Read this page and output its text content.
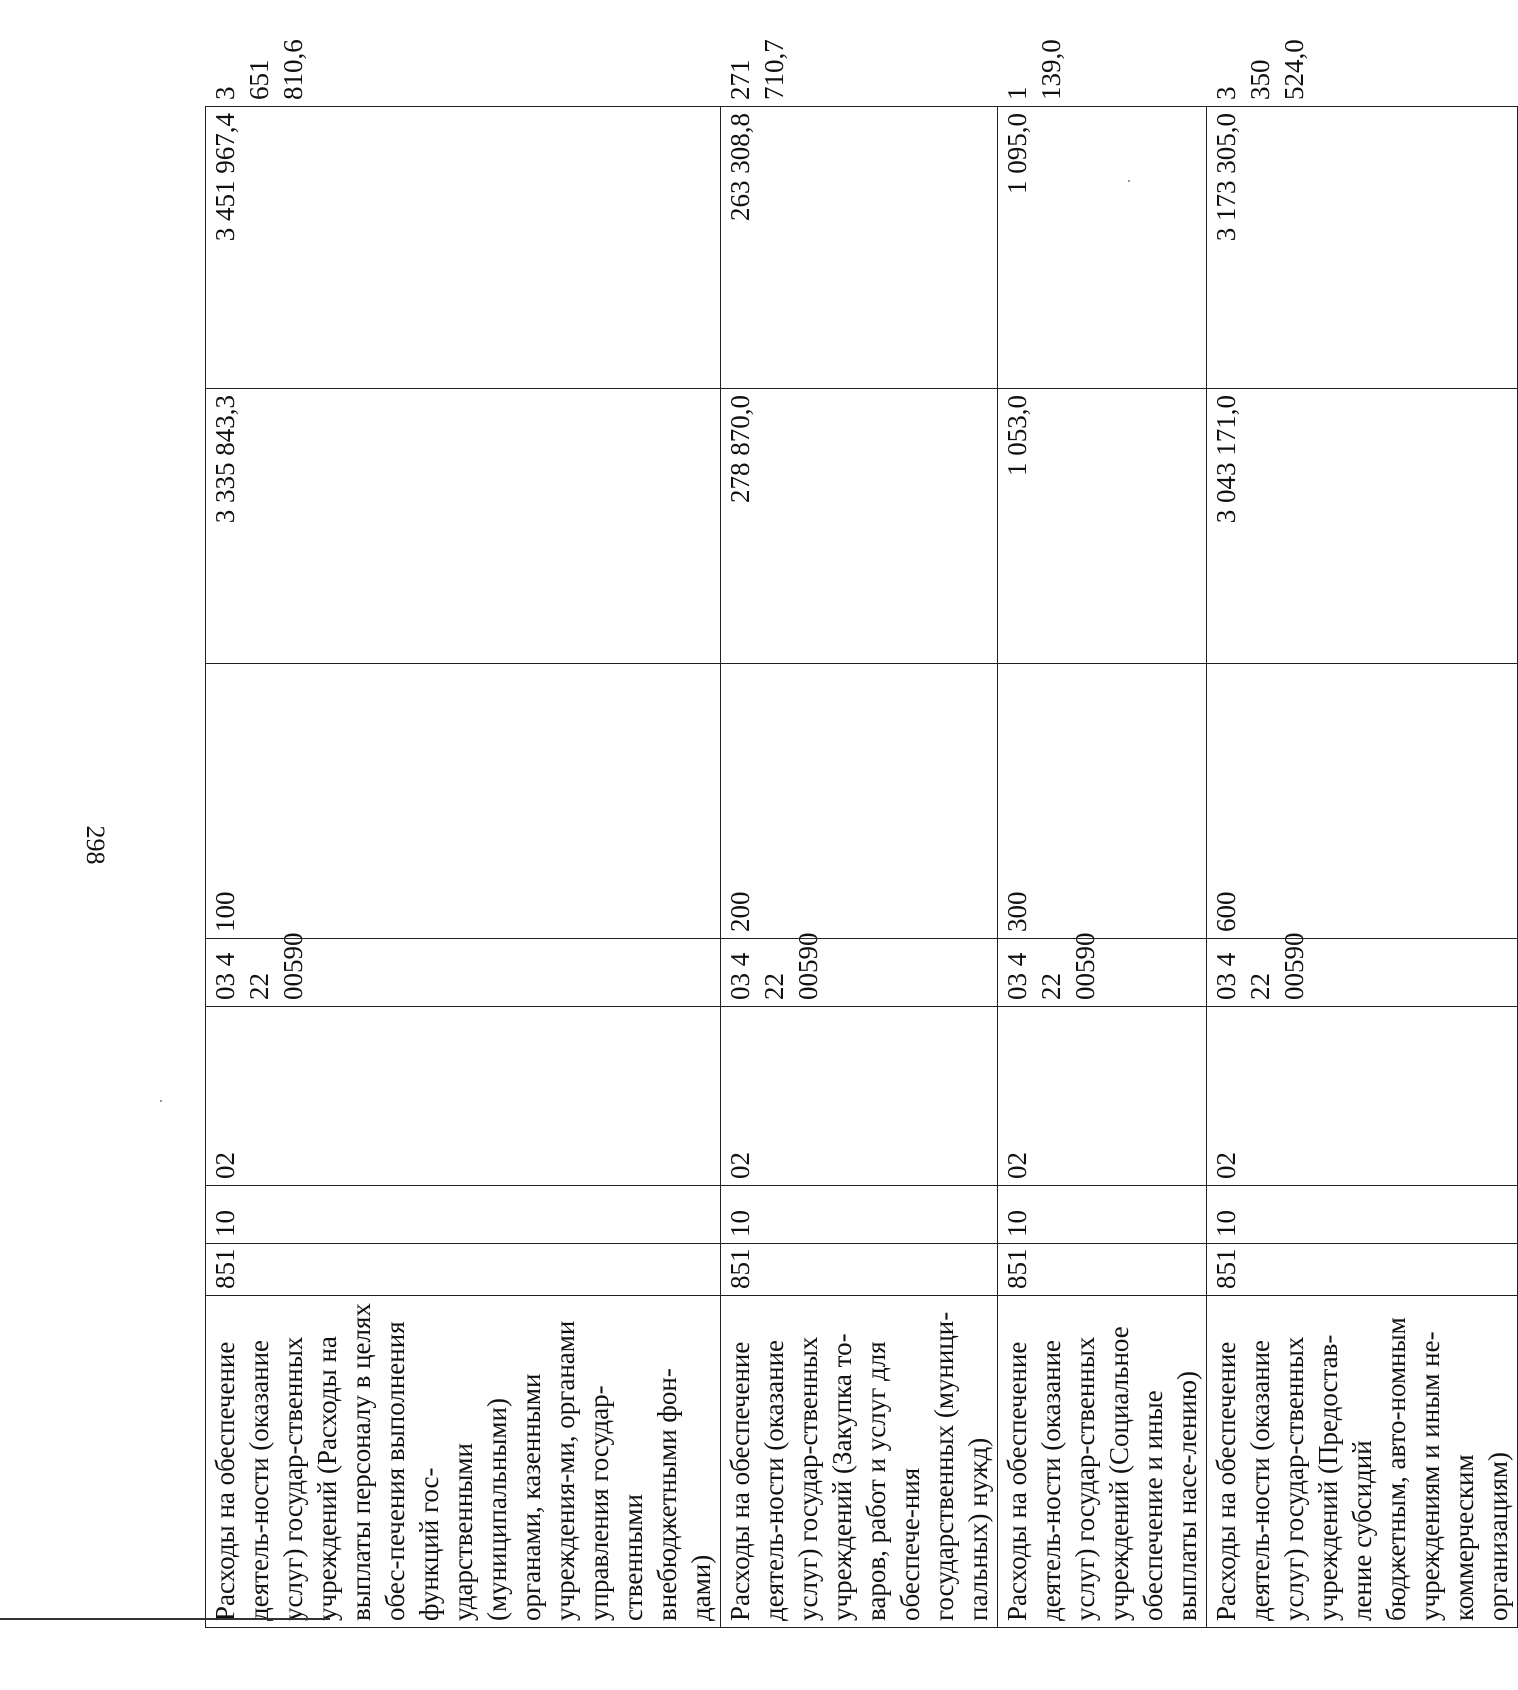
298
Расходы на обеспечение деятель-ности (оказание услуг) государ-ственных учреждений (Расходы на выплаты персоналу в целях обес-печения выполнения функций гос-ударственными (муниципальными) органами, казенными учреждения-ми, органами управления государ-ственными внебюджетными фон-дами)	851	10	02	03 4 22 00590	100	3 335 843,3	3 451 967,4	3 651 810,6
Расходы на обеспечение деятель-ности (оказание услуг) государ-ственных учреждений (Закупка то-варов, работ и услуг для обеспече-ния государственных (муници-пальных) нужд)	851	10	02	03 4 22 00590	200	278 870,0	263 308,8	271 710,7
Расходы на обеспечение деятель-ности (оказание услуг) государ-ственных учреждений (Социальное обеспечение и иные выплаты насе-лению)	851	10	02	03 4 22 00590	300	1 053,0	1 095,0	1 139,0
Расходы на обеспечение деятель-ности (оказание услуг) государ-ственных учреждений (Предостав-ление субсидий бюджетным, авто-номным учреждениям и иным не-коммерческим организациям)	851	10	02	03 4 22 00590	600	3 043 171,0	3 173 305,0	3 350 524,0
